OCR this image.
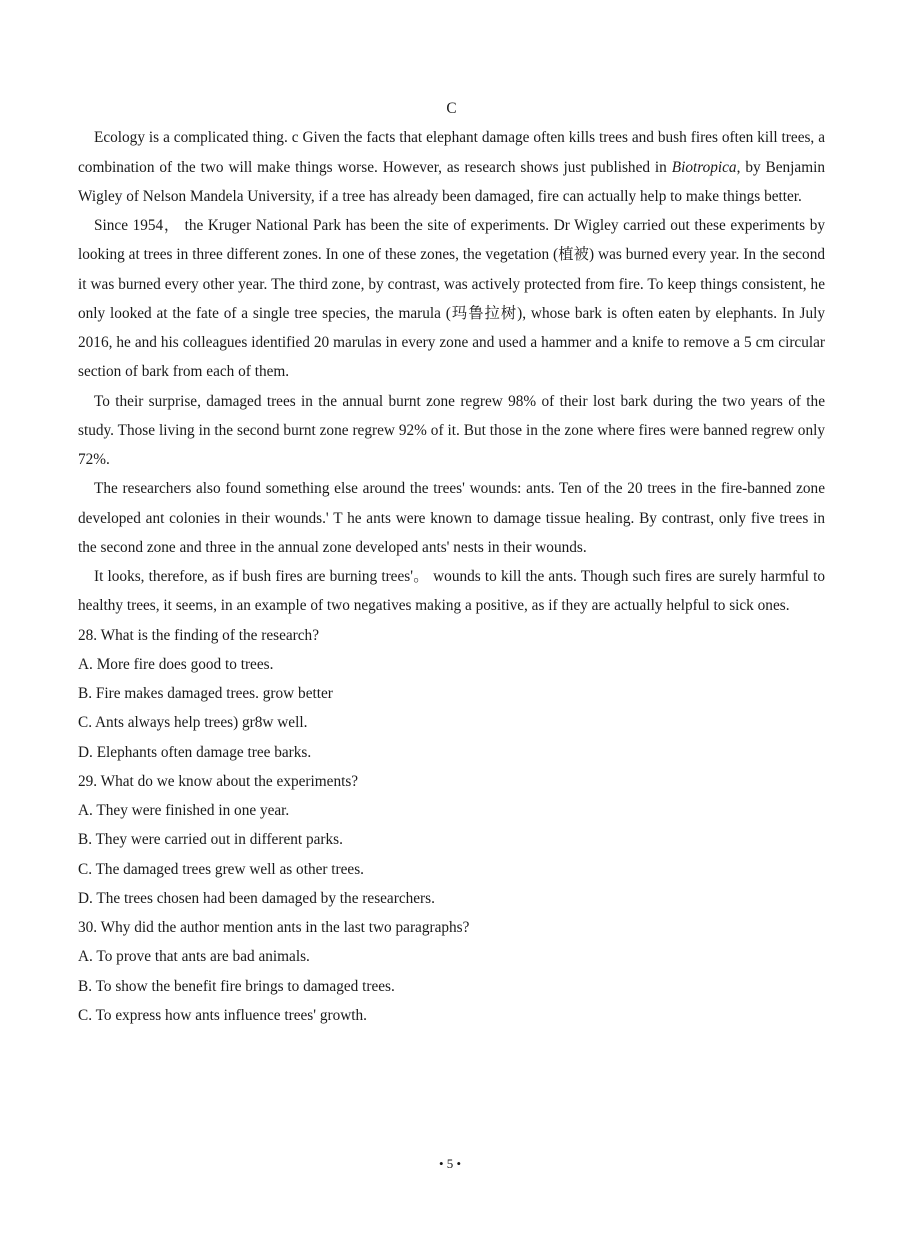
C

Ecology is a complicated thing. c Given the facts that elephant damage often kills trees and bush fires often kill trees, a combination of the two will make things worse. However, as research shows just published in Biotropica, by Benjamin Wigley of Nelson Mandela University, if a tree has already been damaged, fire can actually help to make things better.

Since 1954， the Kruger National Park has been the site of experiments. Dr Wigley carried out these experiments by looking at trees in three different zones. In one of these zones, the vegetation (植被) was burned every year. In the second it was burned every other year. The third zone, by contrast, was actively protected from fire. To keep things consistent, he only looked at the fate of a single tree species, the marula (玛鲁拉树), whose bark is often eaten by elephants. In July 2016, he and his colleagues identified 20 marulas in every zone and used a hammer and a knife to remove a 5 cm circular section of bark from each of them.

To their surprise, damaged trees in the annual burnt zone regrew 98% of their lost bark during the two years of the study. Those living in the second burnt zone regrew 92% of it. But those in the zone where fires were banned regrew only 72%.

The researchers also found something else around the trees' wounds: ants. Ten of the 20 trees in the fire-banned zone developed ant colonies in their wounds.' T he ants were known to damage tissue healing. By contrast, only five trees in the second zone and three in the annual zone developed ants' nests in their wounds.

It looks, therefore, as if bush fires are burning trees'。 wounds to kill the ants. Though such fires are surely harmful to healthy trees, it seems, in an example of two negatives making a positive, as if they are actually helpful to sick ones.

28. What is the finding of the research?

A. More fire does good to trees.

B. Fire makes damaged trees. grow better

C. Ants always help trees) gr8w well.

D. Elephants often damage tree barks.

29. What do we know about the experiments?

A. They were finished in one year.

B. They were carried out in different parks.

C. The damaged trees grew well as other trees.

D. The trees chosen had been damaged by the researchers.

30. Why did the author mention ants in the last two paragraphs?

A. To prove that ants are bad animals.

B. To show the benefit fire brings to damaged trees.

C. To express how ants influence trees' growth.

• 5 •
